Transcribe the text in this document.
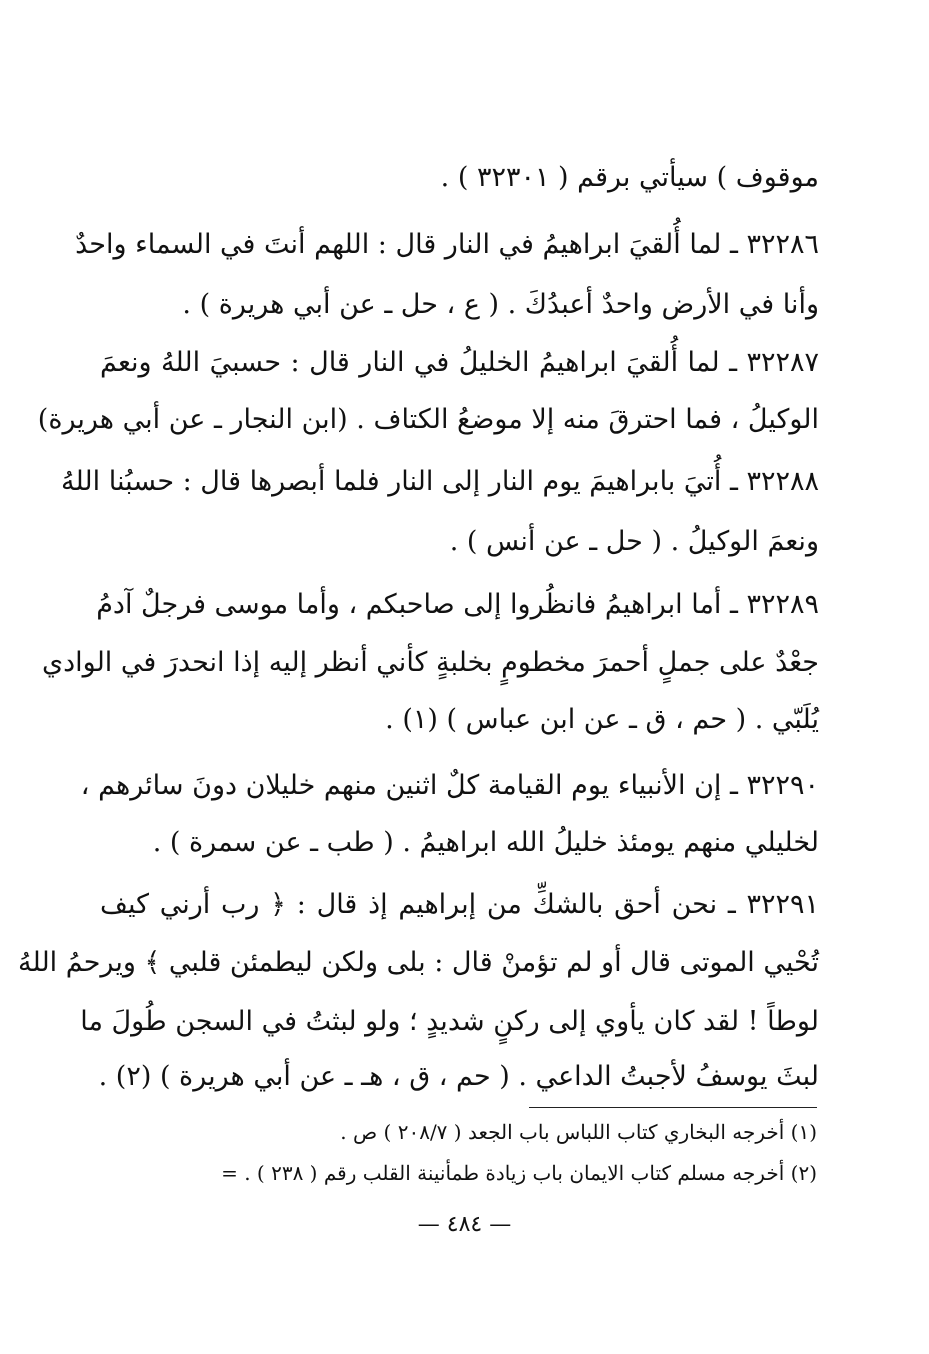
موقوف ) سيأتي برقم ( ٣٢٣٠١ ) .
٣٢٢٨٦ ـ لما أُلقيَ ابراهيمُ في النار قال : اللهم أنتَ في السماء واحدٌ
وأنا في الأرض واحدٌ أعبدُكَ . ( ع ، حل ـ عن أبي هريرة ) .
٣٢٢٨٧ ـ لما أُلقيَ ابراهيمُ الخليلُ في النار قال : حسبيَ اللهُ ونعمَ
الوكيلُ ، فما احترقَ منه إلا موضعُ الكتاف . (ابن النجار ـ عن أبي هريرة)
٣٢٢٨٨ ـ أُتيَ بابراهيمَ يوم النار إلى النار فلما أبصرها قال : حسبُنا اللهُ
ونعمَ الوكيلُ . ( حل ـ عن أنس ) .
٣٢٢٨٩ ـ أما ابراهيمُ فانظُروا إلى صاحبكم ، وأما موسى فرجلٌ آدمُ
جعْدٌ على جملٍ أحمرَ مخطومٍ بخلبةٍ كأني أنظر إليه إذا انحدرَ في الوادي
يُلَبّي . ( حم ، ق ـ عن ابن عباس ) (١) .
٣٢٢٩٠ ـ إن الأنبياء يوم القيامة كلٌ اثنين منهم خليلان دونَ سائرهم ،
لخليلي منهم يومئذ خليلُ الله ابراهيمُ . ( طب ـ عن سمرة ) .
٣٢٢٩١ ـ نحن أحق بالشكِّ من إبراهيم إذ قال : ﴿ رب أرني كيف
تُحْيي الموتى قال أو لم تؤمنْ قال : بلى ولكن ليطمئن قلبي ﴾ ويرحمُ اللهُ
لوطاً ! لقد كان يأوي إلى ركنٍ شديدٍ ؛ ولو لبثتُ في السجن طُولَ ما
لبثَ يوسفُ لأجبتُ الداعي . ( حم ، ق ، هـ ـ عن أبي هريرة ) (٢) .
(١) أخرجه البخاري كتاب اللباس باب الجعد ( ٢٠٨/٧ ) ص .
(٢) أخرجه مسلم كتاب الايمان باب زيادة طمأنينة القلب رقم ( ٢٣٨ ) . =
— ٤٨٤ —
